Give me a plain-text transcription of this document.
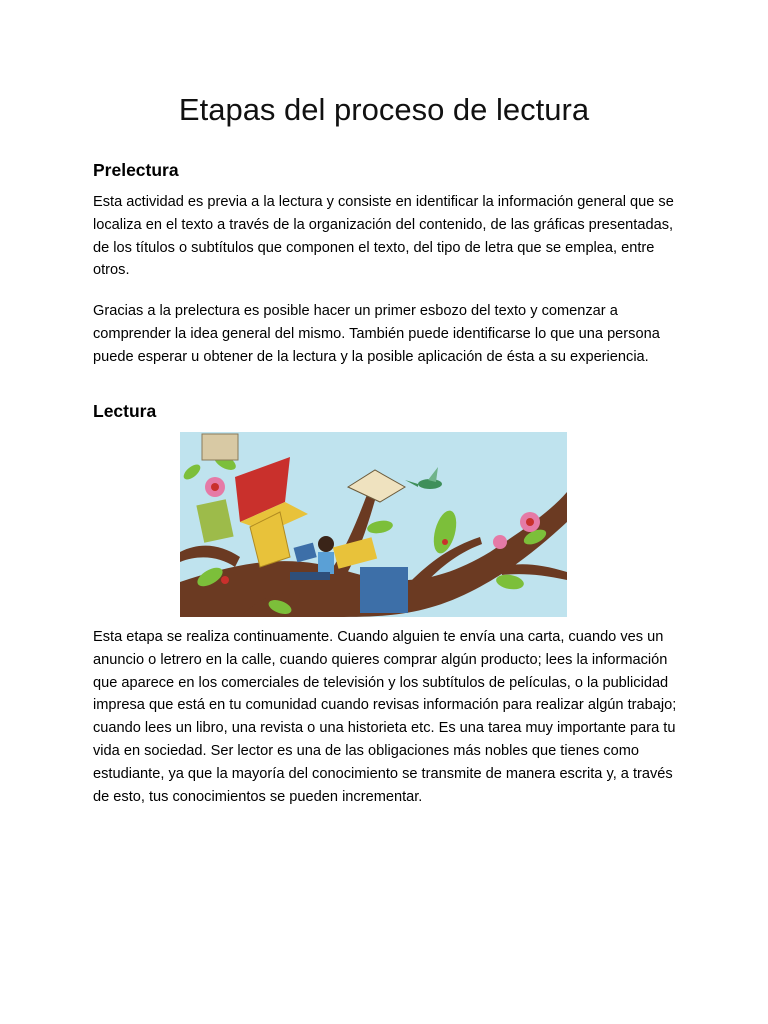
Etapas del proceso de lectura
Prelectura

Esta actividad es previa a la lectura y consiste en identificar la información general que se localiza en el texto a través de la organización del contenido, de las gráficas presentadas, de los títulos o subtítulos que componen el texto, del tipo de letra que se emplea, entre otros.

Gracias a la prelectura es posible hacer un primer esbozo del texto y comenzar a comprender la idea general del mismo. También puede identificarse lo que una persona puede esperar u obtener de la lectura y la posible aplicación de ésta a su experiencia.

Lectura

Esta etapa se realiza continuamente. Cuando alguien te envía una carta, cuando ves un anuncio o letrero en la calle, cuando quieres comprar algún producto; lees la información que aparece en los comerciales de televisión y los subtítulos de películas, o la publicidad impresa que está en tu comunidad cuando revisas información para realizar algún trabajo; cuando lees un libro, una revista o una historieta etc. Es una tarea muy importante para tu vida en sociedad. Ser lector es una de las obligaciones más nobles que tienes como estudiante, ya que la mayoría del conocimiento se transmite de manera escrita y, a través de esto, tus conocimientos se pueden incrementar.
